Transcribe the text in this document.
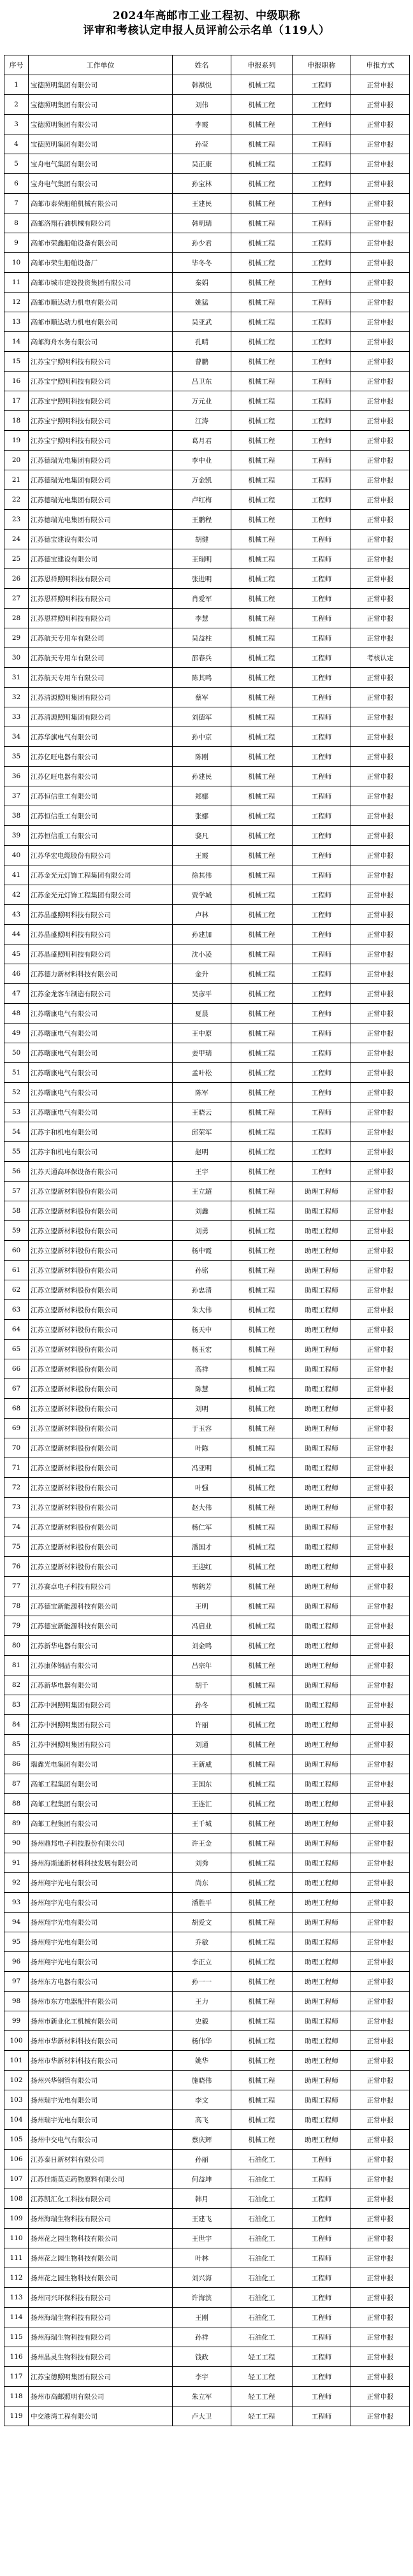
2024年高邮市工业工程初、中级职称
评审和考核认定申报人员评前公示名单（119人）
序号	工作单位	姓名	申报系列	申报职称	申报方式
1	宝德照明集团有限公司	韩祺悦	机械工程	工程师	正常申报
2	宝德照明集团有限公司	刘伟	机械工程	工程师	正常申报
3	宝德照明集团有限公司	李霞	机械工程	工程师	正常申报
4	宝德照明集团有限公司	孙莹	机械工程	工程师	正常申报
5	宝舟电气集团有限公司	吴正康	机械工程	工程师	正常申报
6	宝舟电气集团有限公司	孙宝林	机械工程	工程师	正常申报
7	高邮市泰荣船舶机械有限公司	王建民	机械工程	工程师	正常申报
8	高邮洛翔石油机械有限公司	韩明瑞	机械工程	工程师	正常申报
9	高邮市荣鑫船舶设备有限公司	孙少君	机械工程	工程师	正常申报
10	高邮市荣生船舶设备厂	毕冬冬	机械工程	工程师	正常申报
11	高邮市城市建设投资集团有限公司	秦娟	机械工程	工程师	正常申报
12	高邮市顺达动力机电有限公司	姚猛	机械工程	工程师	正常申报
13	高邮市顺达动力机电有限公司	吴亚武	机械工程	工程师	正常申报
14	高邮海舟水务有限公司	孔晴	机械工程	工程师	正常申报
15	江苏宝宁照明科技有限公司	曹鹏	机械工程	工程师	正常申报
16	江苏宝宁照明科技有限公司	吕卫东	机械工程	工程师	正常申报
17	江苏宝宁照明科技有限公司	万元业	机械工程	工程师	正常申报
18	江苏宝宁照明科技有限公司	江涛	机械工程	工程师	正常申报
19	江苏宝宁照明科技有限公司	葛月君	机械工程	工程师	正常申报
20	江苏德瑞光电集团有限公司	李中业	机械工程	工程师	正常申报
21	江苏德瑞光电集团有限公司	万金凯	机械工程	工程师	正常申报
22	江苏德瑞光电集团有限公司	卢红梅	机械工程	工程师	正常申报
23	江苏德瑞光电集团有限公司	王鹏程	机械工程	工程师	正常申报
24	江苏德宝建设有限公司	胡健	机械工程	工程师	正常申报
25	江苏德宝建设有限公司	王瑞明	机械工程	工程师	正常申报
26	江苏恩祥照明科技有限公司	张进明	机械工程	工程师	正常申报
27	江苏恩祥照明科技有限公司	肖爱军	机械工程	工程师	正常申报
28	江苏恩祥照明科技有限公司	李慧	机械工程	工程师	正常申报
29	江苏航天专用车有限公司	吴益柱	机械工程	工程师	正常申报
30	江苏航天专用车有限公司	邵春兵	机械工程	工程师	考核认定
31	江苏航天专用车有限公司	陈其鸣	机械工程	工程师	正常申报
32	江苏清源照明集团有限公司	蔡军	机械工程	工程师	正常申报
33	江苏清源照明集团有限公司	刘德军	机械工程	工程师	正常申报
34	江苏华旗电气有限公司	孙中京	机械工程	工程师	正常申报
35	江苏亿旺电器有限公司	陈刚	机械工程	工程师	正常申报
36	江苏亿旺电器有限公司	孙建民	机械工程	工程师	正常申报
37	江苏恒信重工有限公司	郑娜	机械工程	工程师	正常申报
38	江苏恒信重工有限公司	张娜	机械工程	工程师	正常申报
39	江苏恒信重工有限公司	骁凡	机械工程	工程师	正常申报
40	江苏华宏电缆股份有限公司	王霞	机械工程	工程师	正常申报
41	江苏金光元灯饰工程集团有限公司	徐其伟	机械工程	工程师	正常申报
42	江苏金光元灯饰工程集团有限公司	贾学城	机械工程	工程师	正常申报
43	江苏晶盛照明科技有限公司	卢林	机械工程	工程师	正常申报
44	江苏晶盛照明科技有限公司	孙建加	机械工程	工程师	正常申报
45	江苏晶盛照明科技有限公司	沈小凌	机械工程	工程师	正常申报
46	江苏德力新材料科技有限公司	金升	机械工程	工程师	正常申报
47	江苏金龙客车制造有限公司	吴彦平	机械工程	工程师	正常申报
48	江苏曙康电气有限公司	夏晨	机械工程	工程师	正常申报
49	江苏曙康电气有限公司	王中原	机械工程	工程师	正常申报
50	江苏曙康电气有限公司	姜甲瑞	机械工程	工程师	正常申报
51	江苏曙康电气有限公司	孟叶松	机械工程	工程师	正常申报
52	江苏曙康电气有限公司	陈军	机械工程	工程师	正常申报
53	江苏曙康电气有限公司	王晓云	机械工程	工程师	正常申报
54	江苏宇和机电有限公司	邱荣军	机械工程	工程师	正常申报
55	江苏宇和机电有限公司	赵明	机械工程	工程师	正常申报
56	江苏天通高环保设备有限公司	王宇	机械工程	工程师	正常申报
57	江苏立盟新材料股份有限公司	王立超	机械工程	助理工程师	正常申报
58	江苏立盟新材料股份有限公司	刘鑫	机械工程	助理工程师	正常申报
59	江苏立盟新材料股份有限公司	刘勇	机械工程	助理工程师	正常申报
60	江苏立盟新材料股份有限公司	杨中霞	机械工程	助理工程师	正常申报
61	江苏立盟新材料股份有限公司	孙铭	机械工程	助理工程师	正常申报
62	江苏立盟新材料股份有限公司	孙忠清	机械工程	助理工程师	正常申报
63	江苏立盟新材料股份有限公司	朱大伟	机械工程	助理工程师	正常申报
64	江苏立盟新材料股份有限公司	杨天中	机械工程	助理工程师	正常申报
65	江苏立盟新材料股份有限公司	杨玉宏	机械工程	助理工程师	正常申报
66	江苏立盟新材料股份有限公司	高祥	机械工程	助理工程师	正常申报
67	江苏立盟新材料股份有限公司	陈慧	机械工程	助理工程师	正常申报
68	江苏立盟新材料股份有限公司	刘明	机械工程	助理工程师	正常申报
69	江苏立盟新材料股份有限公司	于玉容	机械工程	助理工程师	正常申报
70	江苏立盟新材料股份有限公司	叶陈	机械工程	助理工程师	正常申报
71	江苏立盟新材料股份有限公司	冯亚明	机械工程	助理工程师	正常申报
72	江苏立盟新材料股份有限公司	叶强	机械工程	助理工程师	正常申报
73	江苏立盟新材料股份有限公司	赵大伟	机械工程	助理工程师	正常申报
74	江苏立盟新材料股份有限公司	杨仁军	机械工程	助理工程师	正常申报
75	江苏立盟新材料股份有限公司	潘国才	机械工程	助理工程师	正常申报
76	江苏立盟新材料股份有限公司	王迎红	机械工程	助理工程师	正常申报
77	江苏赛卓电子科技有限公司	鄂鹤芳	机械工程	助理工程师	正常申报
78	江苏德宝新能源科技有限公司	王明	机械工程	助理工程师	正常申报
79	江苏德宝新能源科技有限公司	冯启业	机械工程	助理工程师	正常申报
80	江苏新华电器有限公司	刘金鸣	机械工程	助理工程师	正常申报
81	江苏康体钢品有限公司	吕宗年	机械工程	助理工程师	正常申报
82	江苏新华电器有限公司	胡千	机械工程	助理工程师	正常申报
83	江苏中洲照明集团有限公司	孙冬	机械工程	助理工程师	正常申报
84	江苏中洲照明集团有限公司	许丽	机械工程	助理工程师	正常申报
85	江苏中洲照明集团有限公司	刘通	机械工程	助理工程师	正常申报
86	瑞鑫光电集团有限公司	王新威	机械工程	助理工程师	正常申报
87	高邮工程集团有限公司	王国东	机械工程	助理工程师	正常申报
88	高邮工程集团有限公司	王连汇	机械工程	助理工程师	正常申报
89	高邮工程集团有限公司	王千城	机械工程	助理工程师	正常申报
90	扬州鼎邦电子科技股份有限公司	许王金	机械工程	助理工程师	正常申报
91	扬州海斯通新材料科技发展有限公司	刘秀	机械工程	助理工程师	正常申报
92	扬州翔宇光电有限公司	尚东	机械工程	助理工程师	正常申报
93	扬州翔宇光电有限公司	潘胜平	机械工程	助理工程师	正常申报
94	扬州翔宇光电有限公司	胡爱文	机械工程	助理工程师	正常申报
95	扬州翔宇光电有限公司	乔敏	机械工程	助理工程师	正常申报
96	扬州翔宇光电有限公司	李正立	机械工程	助理工程师	正常申报
97	扬州东方电器有限公司	孙一一	机械工程	助理工程师	正常申报
98	扬州市东方电器配件有限公司	王力	机械工程	助理工程师	正常申报
99	扬州市新业化工机械有限公司	史毅	机械工程	助理工程师	正常申报
100	扬州市华新材料科技有限公司	杨伟华	机械工程	助理工程师	正常申报
101	扬州市华新材料科技有限公司	姚华	机械工程	助理工程师	正常申报
102	扬州兴华钢管有限公司	施晓伟	机械工程	助理工程师	正常申报
103	扬州瑞宇光电有限公司	李文	机械工程	助理工程师	正常申报
104	扬州瑞宇光电有限公司	高飞	机械工程	助理工程师	正常申报
105	扬州中交电气有限公司	蔡庆辉	机械工程	助理工程师	正常申报
106	江苏泰日新材料有限公司	孙丽	石油化工	工程师	正常申报
107	江苏佳斯莫克药物原料有限公司	何益坤	石油化工	工程师	正常申报
108	江苏凯汇化工科技有限公司	韩月	石油化工	工程师	正常申报
109	扬州海瑞生物科技有限公司	王建飞	石油化工	工程师	正常申报
110	扬州花之园生物科技有限公司	王世宇	石油化工	工程师	正常申报
111	扬州花之园生物科技有限公司	叶林	石油化工	工程师	正常申报
112	扬州花之园生物科技有限公司	刘兴海	石油化工	工程师	正常申报
113	扬州同兴环保科技有限公司	许海滨	石油化工	工程师	正常申报
114	扬州海瑞生物科技有限公司	王刚	石油化工	工程师	正常申报
115	扬州海瑞生物科技有限公司	孙祥	石油化工	工程师	正常申报
116	扬州晶灵生物科技有限公司	钱政	轻工工程	工程师	正常申报
117	江苏宝德照明集团有限公司	李宇	轻工工程	工程师	正常申报
118	扬州市高邮照明有限公司	朱立军	轻工工程	工程师	正常申报
119	中交港湾工程有限公司	卢大卫	轻工工程	工程师	正常申报
